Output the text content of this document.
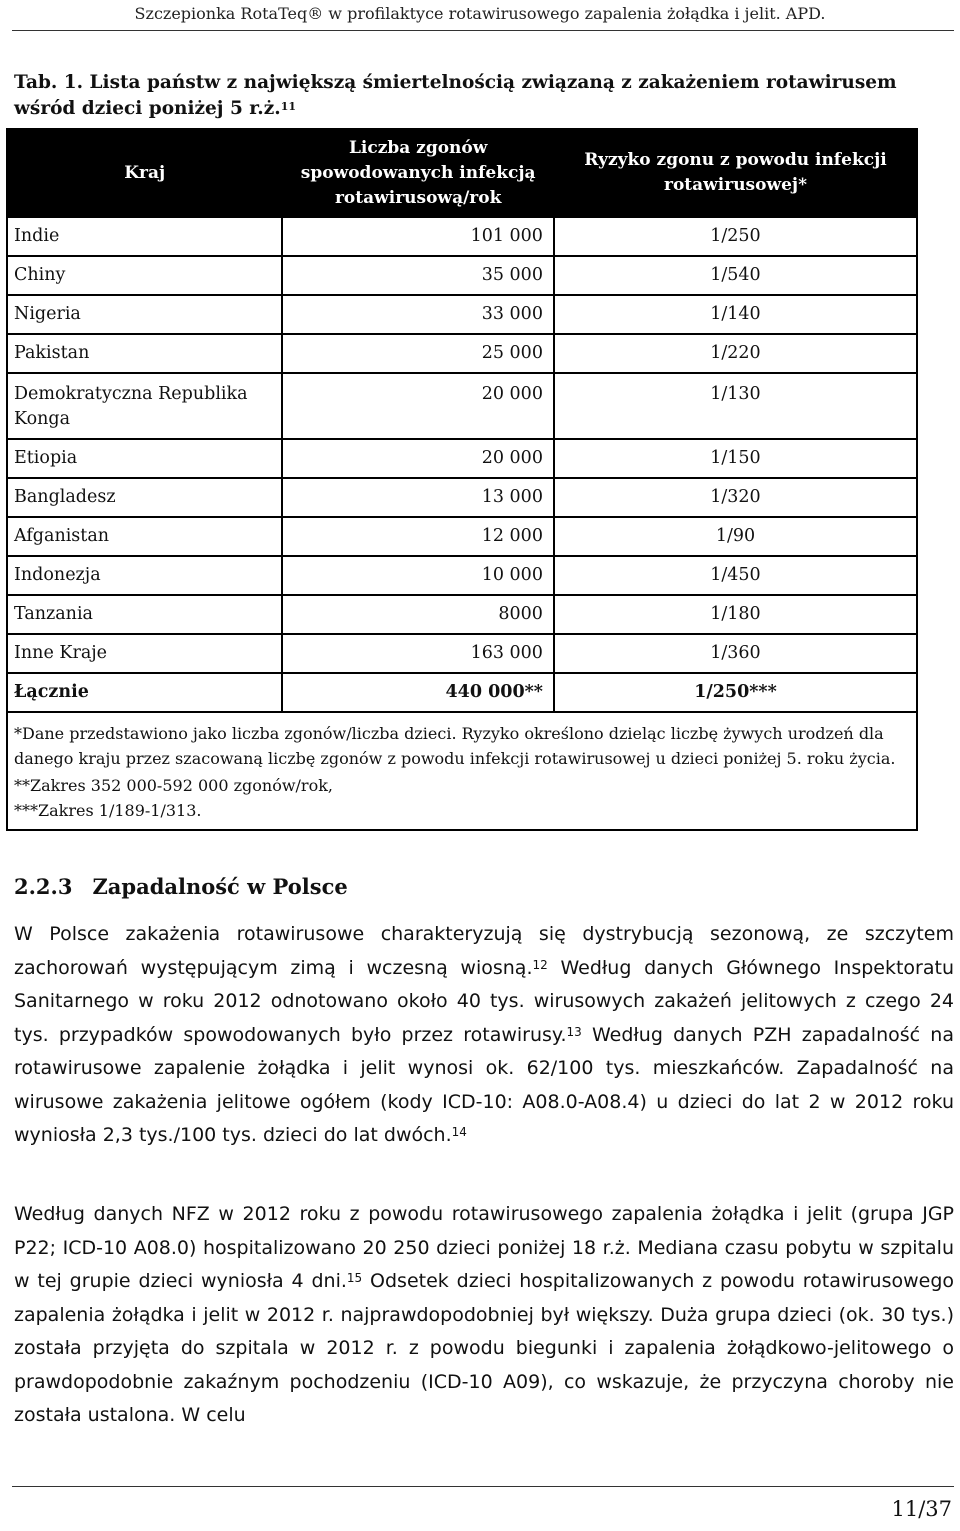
Szczepionka RotaTeq® w profilaktyce rotawirusowego zapalenia żołądka i jelit. APD.
Tab. 1. Lista państw z największą śmiertelnością związaną z zakażeniem rotawirusem wśród dzieci poniżej 5 r.ż.$^{11}$
Kraj	Liczba zgonów spowodowanych infekcją rotawirusową/rok	Ryzyko zgonu z powodu infekcji rotawirusowej*
Indie	101 000	1/250
Chiny	35 000	1/540
Nigeria	33 000	1/140
Pakistan	25 000	1/220
Demokratyczna Republika Konga	20 000	1/130
Etiopia	20 000	1/150
Bangladesz	13 000	1/320
Afganistan	12 000	1/90
Indonezja	10 000	1/450
Tanzania	8000	1/180
Inne Kraje	163 000	1/360
Łącznie	440 000**	1/250***

*Dane przedstawiono jako liczba zgonów/liczba dzieci. Ryzyko określono dzieląc liczbę żywych urodzeń dla danego kraju przez szacowaną liczbę zgonów z powodu infekcji rotawirusowej u dzieci poniżej 5. roku życia.

**Zakres 352 000-592 000 zgonów/rok,

***Zakres 1/189-1/313.		

2.2.3 Zapadalność w Polsce

W Polsce zakażenia rotawirusowe charakteryzują się dystrybucją sezonową, ze szczytem zachorowań występującym zimą i wczesną wiosną.$^{12}$ Według danych Głównego Inspektoratu Sanitarnego w roku 2012 odnotowano około 40 tys. wirusowych zakażeń jelitowych z czego 24 tys. przypadków spowodowanych było przez rotawirusy.$^{13}$ Według danych PZH zapadalność na rotawirusowe zapalenie żołądka i jelit wynosi ok. 62/100 tys. mieszkańców. Zapadalność na wirusowe zakażenia jelitowe ogółem (kody ICD-10: A08.0-A08.4) u dzieci do lat 2 w 2012 roku wyniosła 2,3 tys./100 tys. dzieci do lat dwóch.$^{14}$

Według danych NFZ w 2012 roku z powodu rotawirusowego zapalenia żołądka i jelit (grupa JGP P22; ICD-10 A08.0) hospitalizowano 20 250 dzieci poniżej 18 r.ż. Mediana czasu pobytu w szpitalu w tej grupie dzieci wyniosła 4 dni.$^{15}$ Odsetek dzieci hospitalizowanych z powodu rotawirusowego zapalenia żołądka i jelit w 2012 r. najprawdopodobniej był większy. Duża grupa dzieci (ok. 30 tys.) została przyjęta do szpitala w 2012 r. z powodu biegunki i zapalenia żołądkowo-jelitowego o prawdopodobnie zakaźnym pochodzeniu (ICD-10 A09), co wskazuje, że przyczyna choroby nie została ustalona. W celu

11/37
